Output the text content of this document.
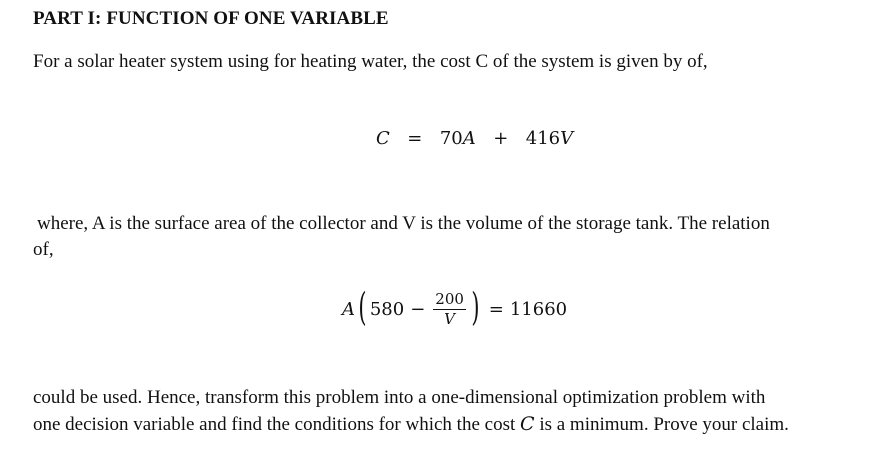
PART I: FUNCTION OF ONE VARIABLE
For a solar heater system using for heating water, the cost C of the system is given by of,
C = 70A + 416V
where, A is the surface area of the collector and V is the volume of the storage tank. The relation
of,
A ( $580 - \frac{200}{V}$ ) = 11660
could be used. Hence, transform this problem into a one-dimensional optimization problem with
one decision variable and find the conditions for which the cost C is a minimum. Prove your claim.
